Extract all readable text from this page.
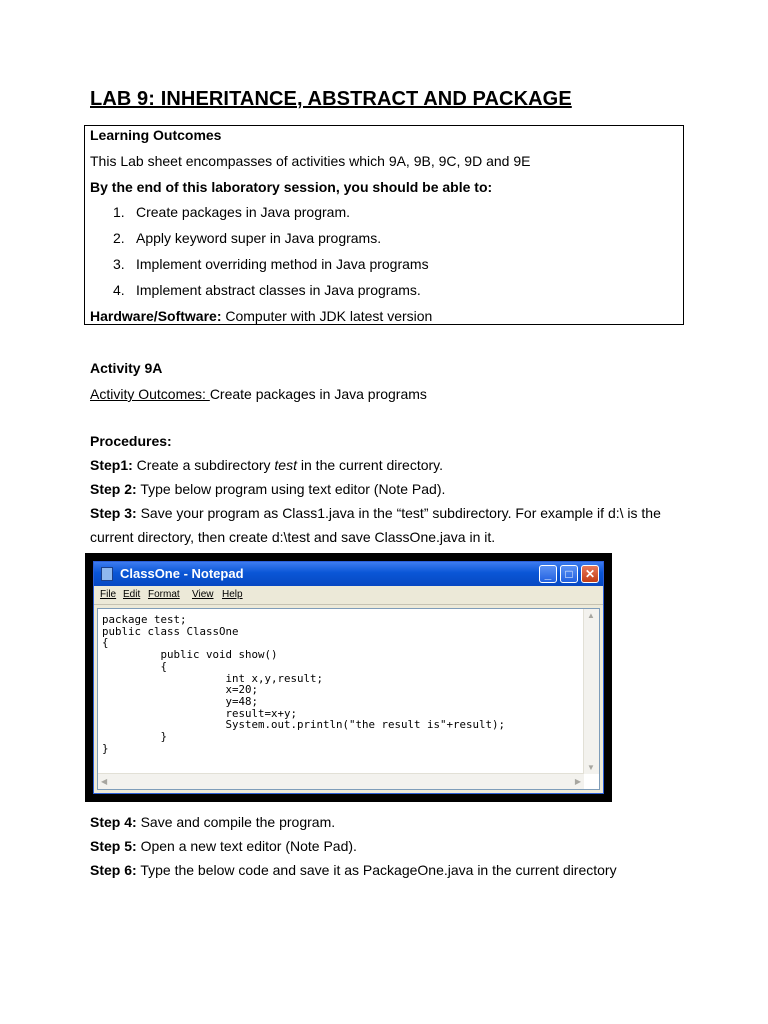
LAB 9: INHERITANCE, ABSTRACT AND PACKAGE
Learning Outcomes
This Lab sheet encompasses of activities which 9A, 9B, 9C, 9D and 9E
By the end of this laboratory session, you should be able to:
1. Create packages in Java program.
2. Apply keyword super in Java programs.
3. Implement overriding method in Java programs
4. Implement abstract classes in Java programs.
Hardware/Software: Computer with JDK latest version
Activity 9A
Activity Outcomes: Create packages in Java programs
Procedures:
Step1: Create a subdirectory test in the current directory.
Step 2: Type below program using text editor (Note Pad).
Step 3: Save your program as Class1.java in the “test” subdirectory. For example if d:\ is the
current directory, then create d:\test and save ClassOne.java in it.
ClassOne - Notepad	_	□	✕
File Edit Format View Help
package test;
public class ClassOne
{
public void show()
{
int x,y,result;
x=20;
y=48;
result=x+y;
System.out.println("the result is"+result);
}
}
▲
▼
◀	▶
Step 4: Save and compile the program.
Step 5: Open a new text editor (Note Pad).
Step 6: Type the below code and save it as PackageOne.java in the current directory
